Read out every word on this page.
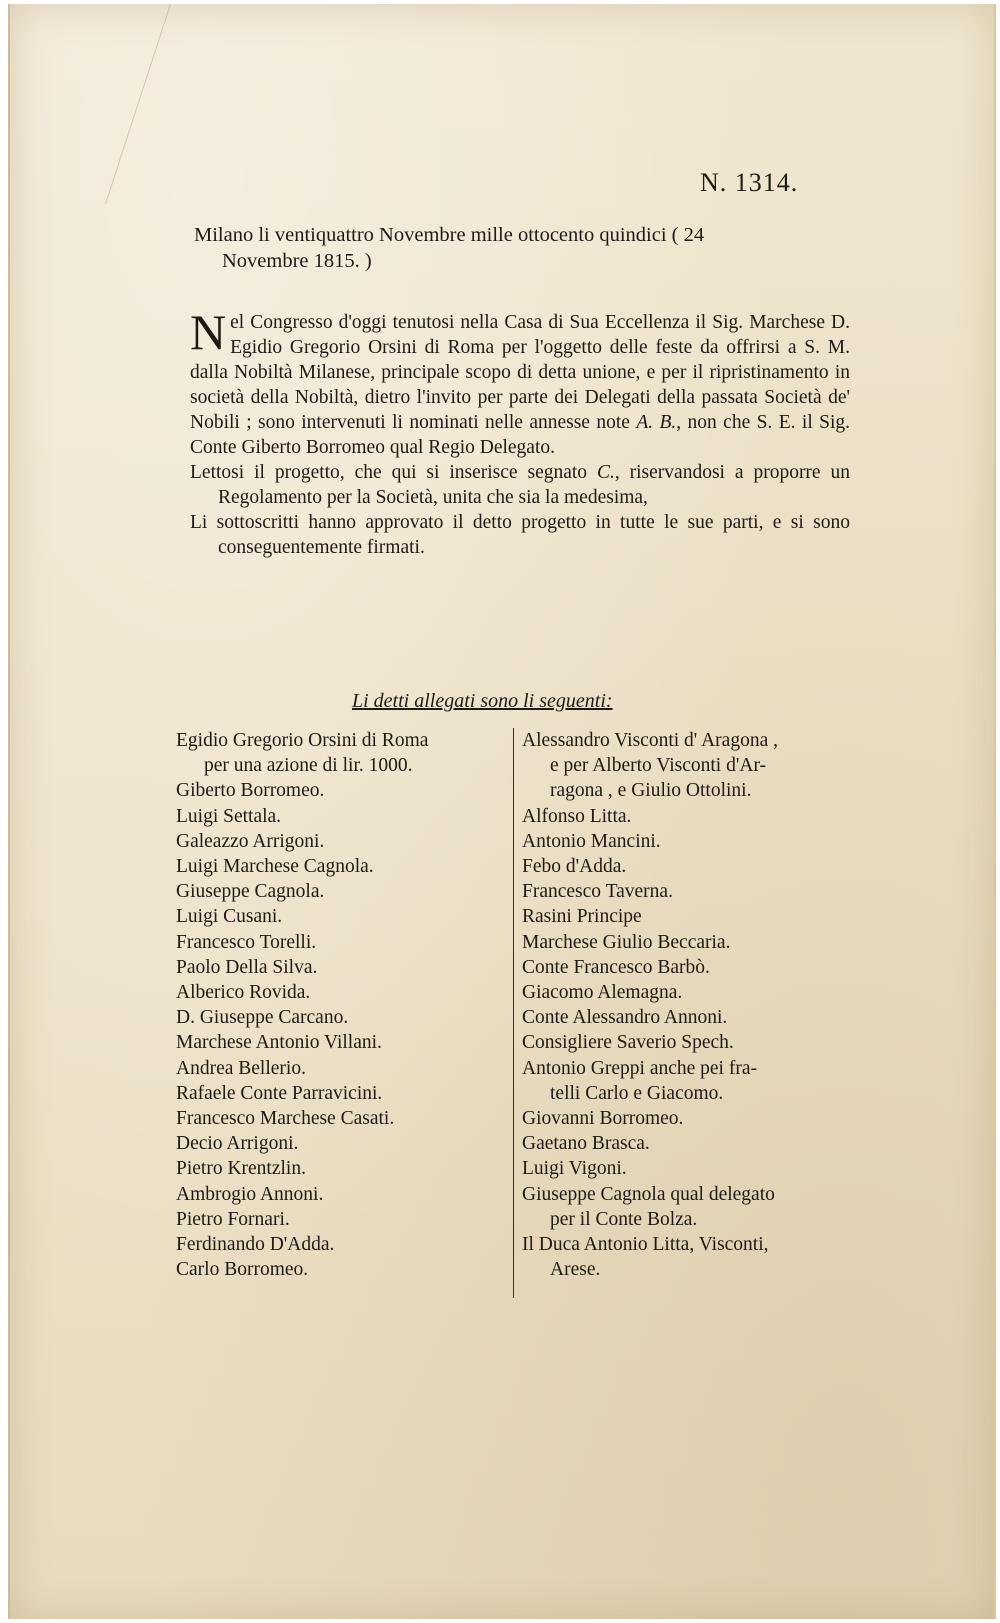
N. 1314.
Milano li ventiquattro Novembre mille ottocento quindici ( 24
Novembre 1815. )

Nel Congresso d'oggi tenutosi nella Casa di Sua Eccellenza il Sig. Marchese D. Egidio Gregorio Orsini di Roma per l'oggetto delle feste da offrirsi a S. M. dalla Nobiltà Milanese, principale scopo di detta unione, e per il ripristinamento in società della Nobiltà, dietro l'invito per parte dei Delegati della passata Società de' Nobili ; sono intervenuti li nominati nelle annesse note A. B., non che S. E. il Sig. Conte Giberto Borromeo qual Regio Delegato.

Lettosi il progetto, che qui si inserisce segnato C., riservandosi a proporre un Regolamento per la Società, unita che sia la medesima,

Li sottoscritti hanno approvato il detto progetto in tutte le sue parti, e si sono conseguentemente firmati.

Li detti allegati sono li seguenti:
Egidio Gregorio Orsini di Roma
per una azione di lir. 1000.
Giberto Borromeo.
Luigi Settala.
Galeazzo Arrigoni.
Luigi Marchese Cagnola.
Giuseppe Cagnola.
Luigi Cusani.
Francesco Torelli.
Paolo Della Silva.
Alberico Rovida.
D. Giuseppe Carcano.
Marchese Antonio Villani.
Andrea Bellerio.
Rafaele Conte Parravicini.
Francesco Marchese Casati.
Decio Arrigoni.
Pietro Krentzlin.
Ambrogio Annoni.
Pietro Fornari.
Ferdinando D'Adda.
Carlo Borromeo.
Alessandro Visconti d' Aragona ,
e per Alberto Visconti d'Ar-
ragona , e Giulio Ottolini.
Alfonso Litta.
Antonio Mancini.
Febo d'Adda.
Francesco Taverna.
Rasini Principe
Marchese Giulio Beccaria.
Conte Francesco Barbò.
Giacomo Alemagna.
Conte Alessandro Annoni.
Consigliere Saverio Spech.
Antonio Greppi anche pei fra-
telli Carlo e Giacomo.
Giovanni Borromeo.
Gaetano Brasca.
Luigi Vigoni.
Giuseppe Cagnola qual delegato
per il Conte Bolza.
Il Duca Antonio Litta, Visconti,
Arese.
